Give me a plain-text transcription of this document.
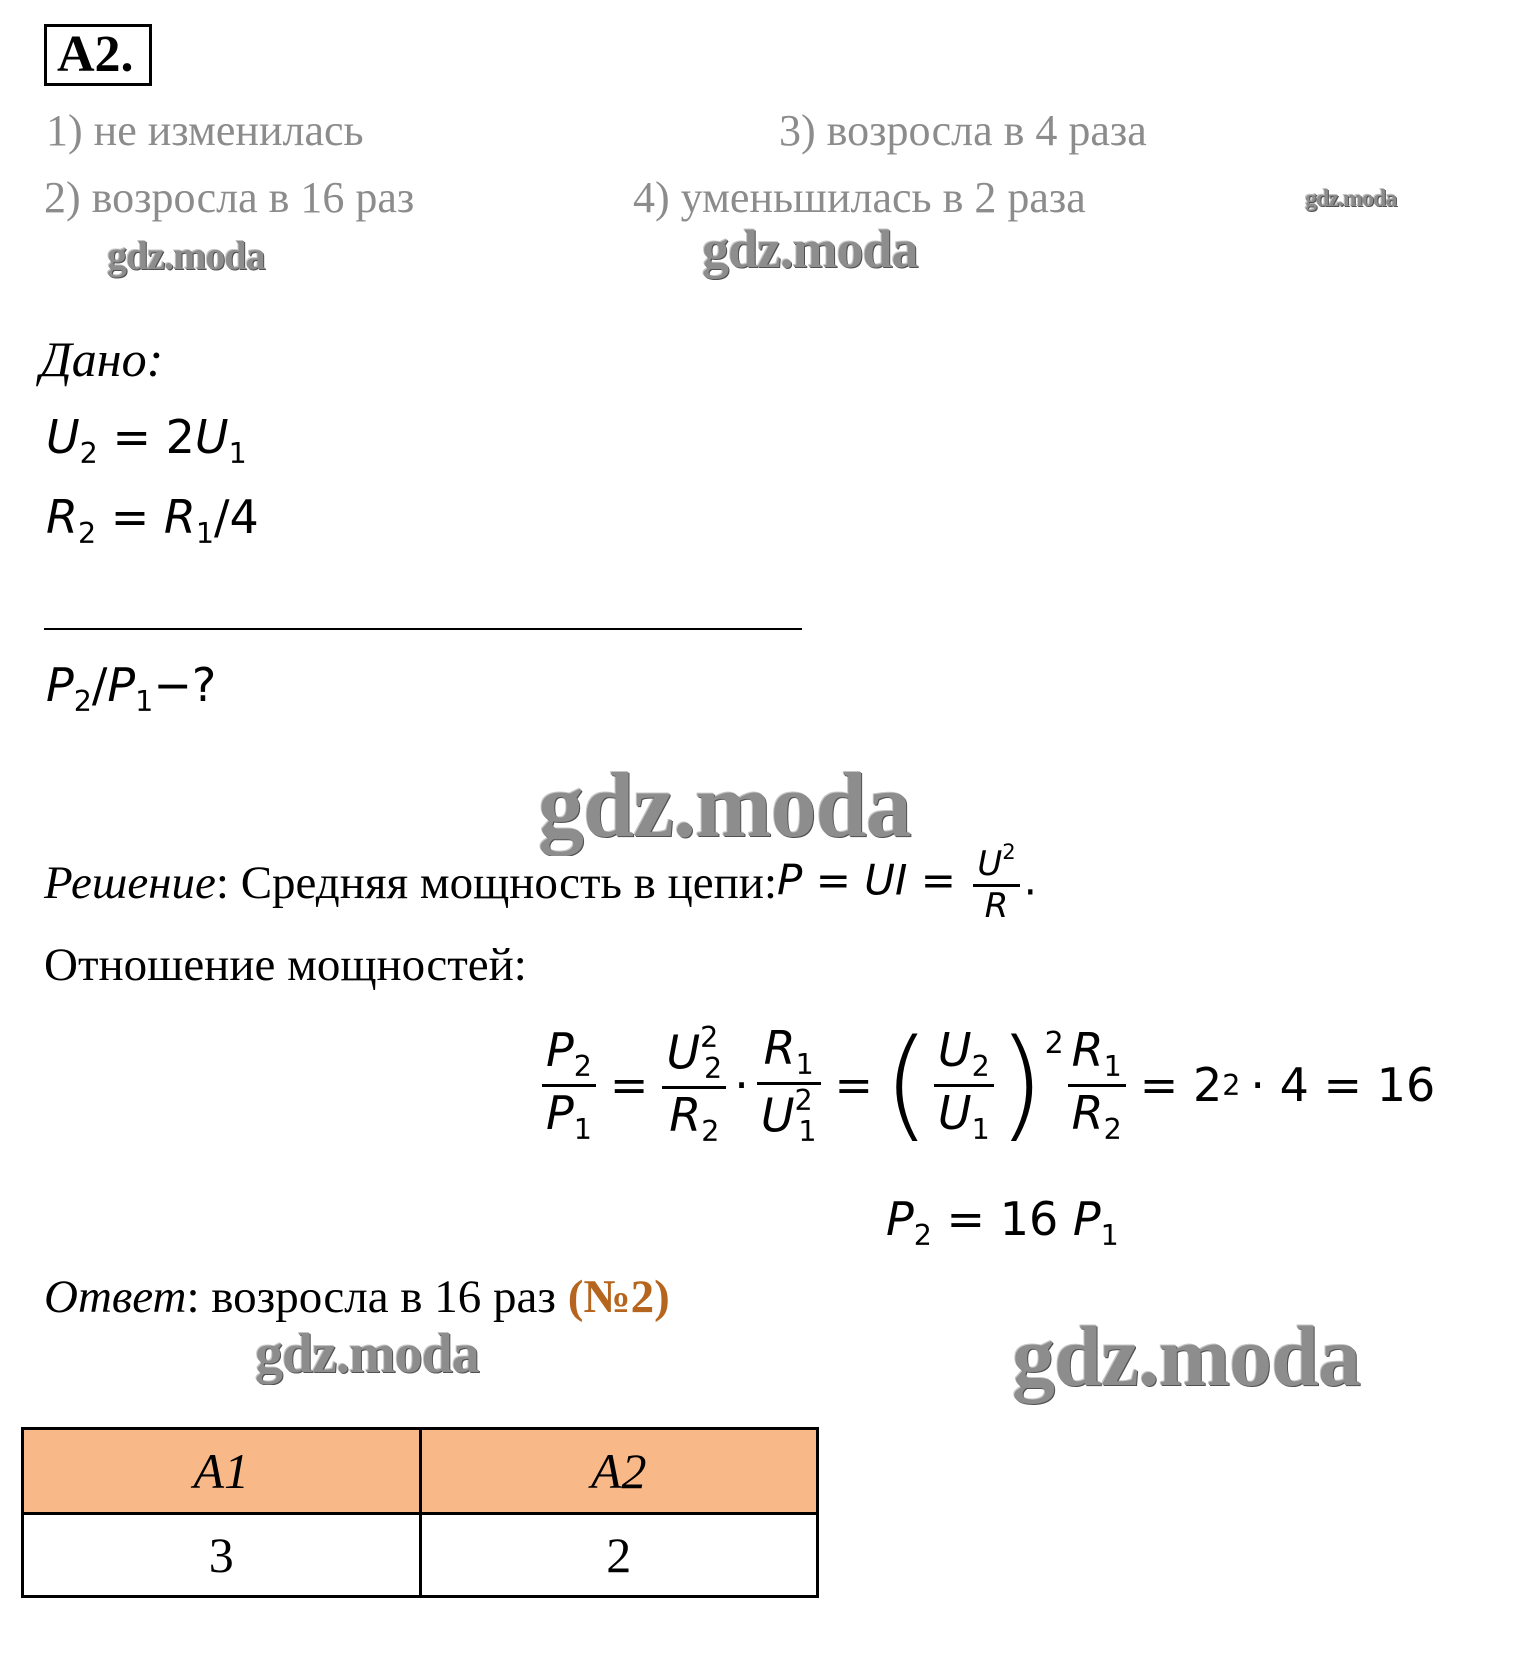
A2.
1) не изменилась	3) возросла в 4 раза
2) возросла в 16 раз	4) уменьшилась в 2 раза	gdz.moda
gdz.moda	gdz.moda
Дано:
$U_2 = 2U_1$
$R_2 = R_1/4$
$P_2/P_1-$?
gdz.moda
Решение : Средняя мощность в цепи: P = UI = $\frac{U^2}{R}$ .
Отношение мощностей:
$\frac{P_2}{P_1} = \frac{U^2_2}{R_2} \cdot \frac{R_1}{U^2_1}$ = ( $\frac{U_2}{U_1}$ ) $2 \frac{R_1}{R_2} = 2$ 2 · 4 = 16
$P_2 = 16$ $P_1$
Ответ: возросла в 16 раз (№2)
gdz.moda	gdz.moda
А1	А2
3	2
